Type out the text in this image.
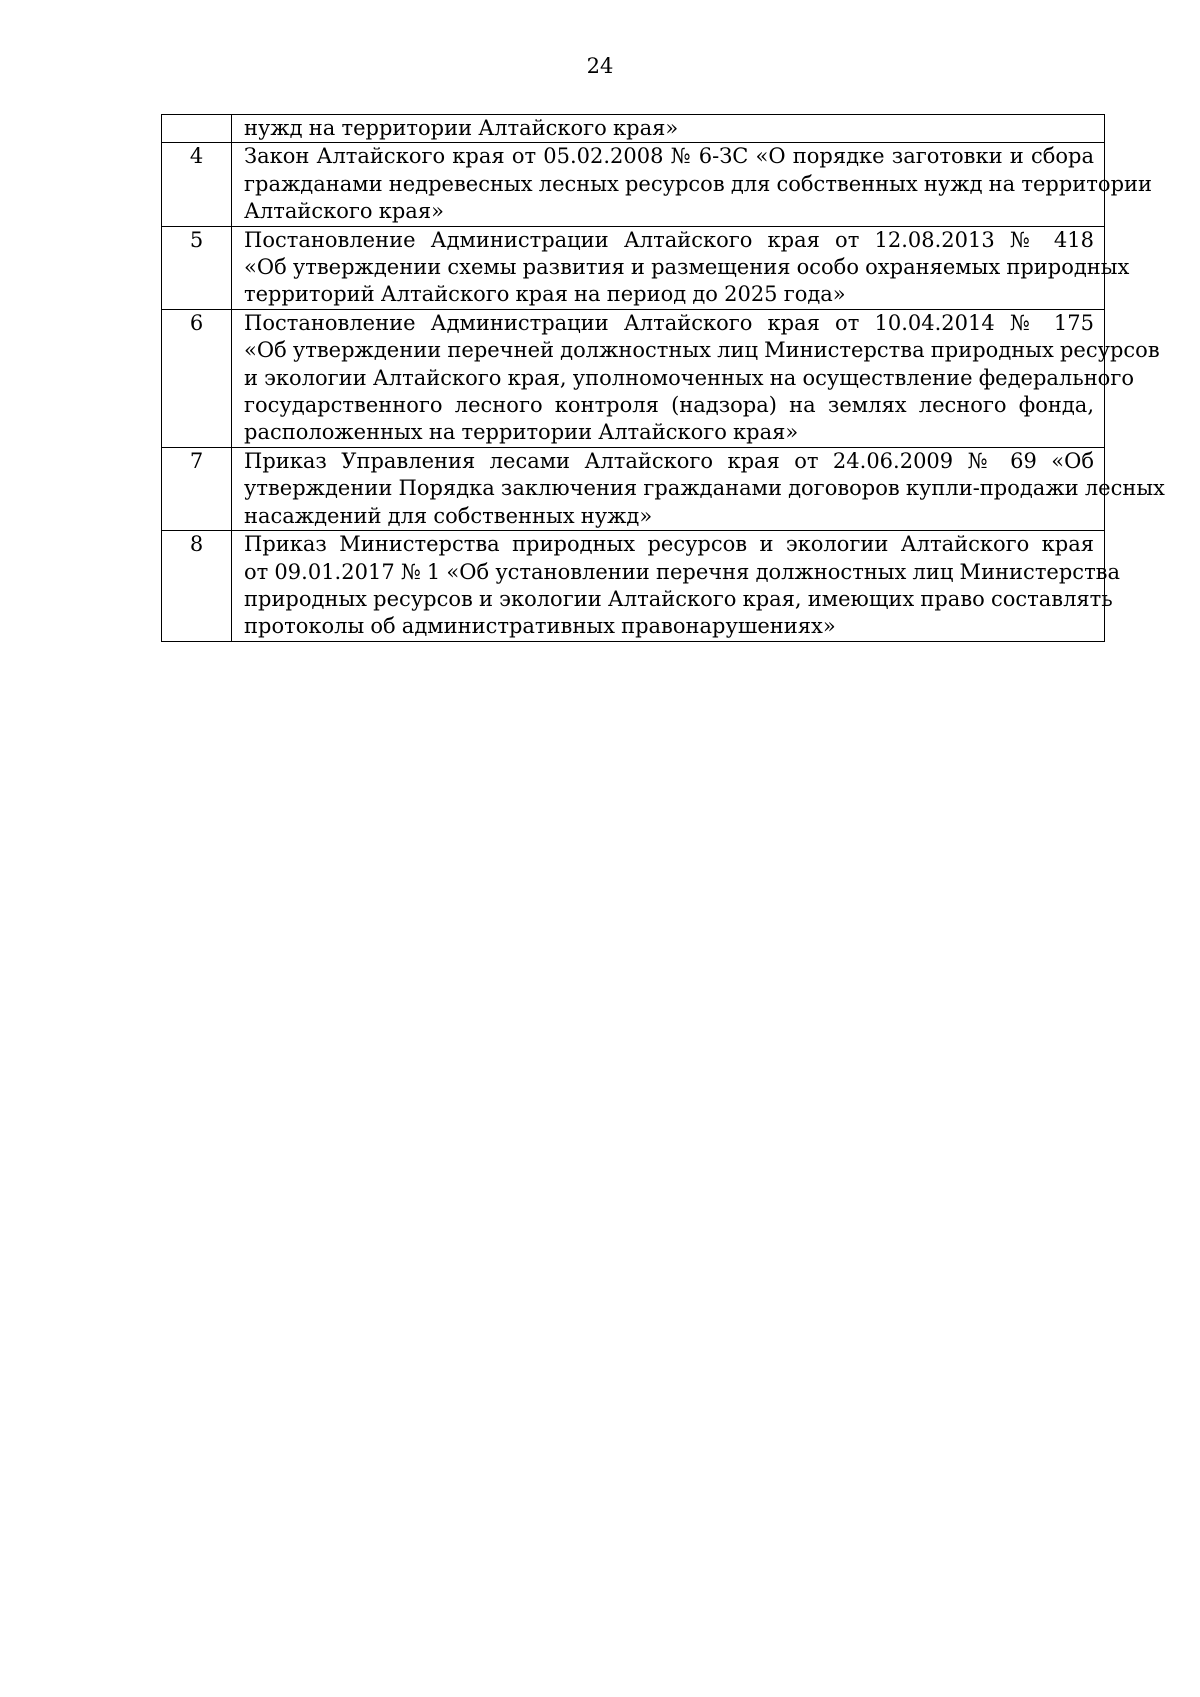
24

	нужд на территории Алтайского края»

4	Закон Алтайского края от 05.02.2008 № 6-ЗС «О порядке заготовки и сбора
гражданами недревесных лесных ресурсов для собственных нужд на территории
Алтайского края»

5	Постановление Администрации Алтайского края от 12.08.2013 № 418
«Об утверждении схемы развития и размещения особо охраняемых природных
территорий Алтайского края на период до 2025 года»

6	Постановление Администрации Алтайского края от 10.04.2014 № 175
«Об утверждении перечней должностных лиц Министерства природных ресурсов
и экологии Алтайского края, уполномоченных на осуществление федерального
государственного лесного контроля (надзора) на землях лесного фонда,
расположенных на территории Алтайского края»

7	Приказ Управления лесами Алтайского края от 24.06.2009 № 69 «Об
утверждении Порядка заключения гражданами договоров купли-продажи лесных
насаждений для собственных нужд»

8	Приказ Министерства природных ресурсов и экологии Алтайского края
от 09.01.2017 № 1 «Об установлении перечня должностных лиц Министерства
природных ресурсов и экологии Алтайского края, имеющих право составлять
протоколы об административных правонарушениях»
